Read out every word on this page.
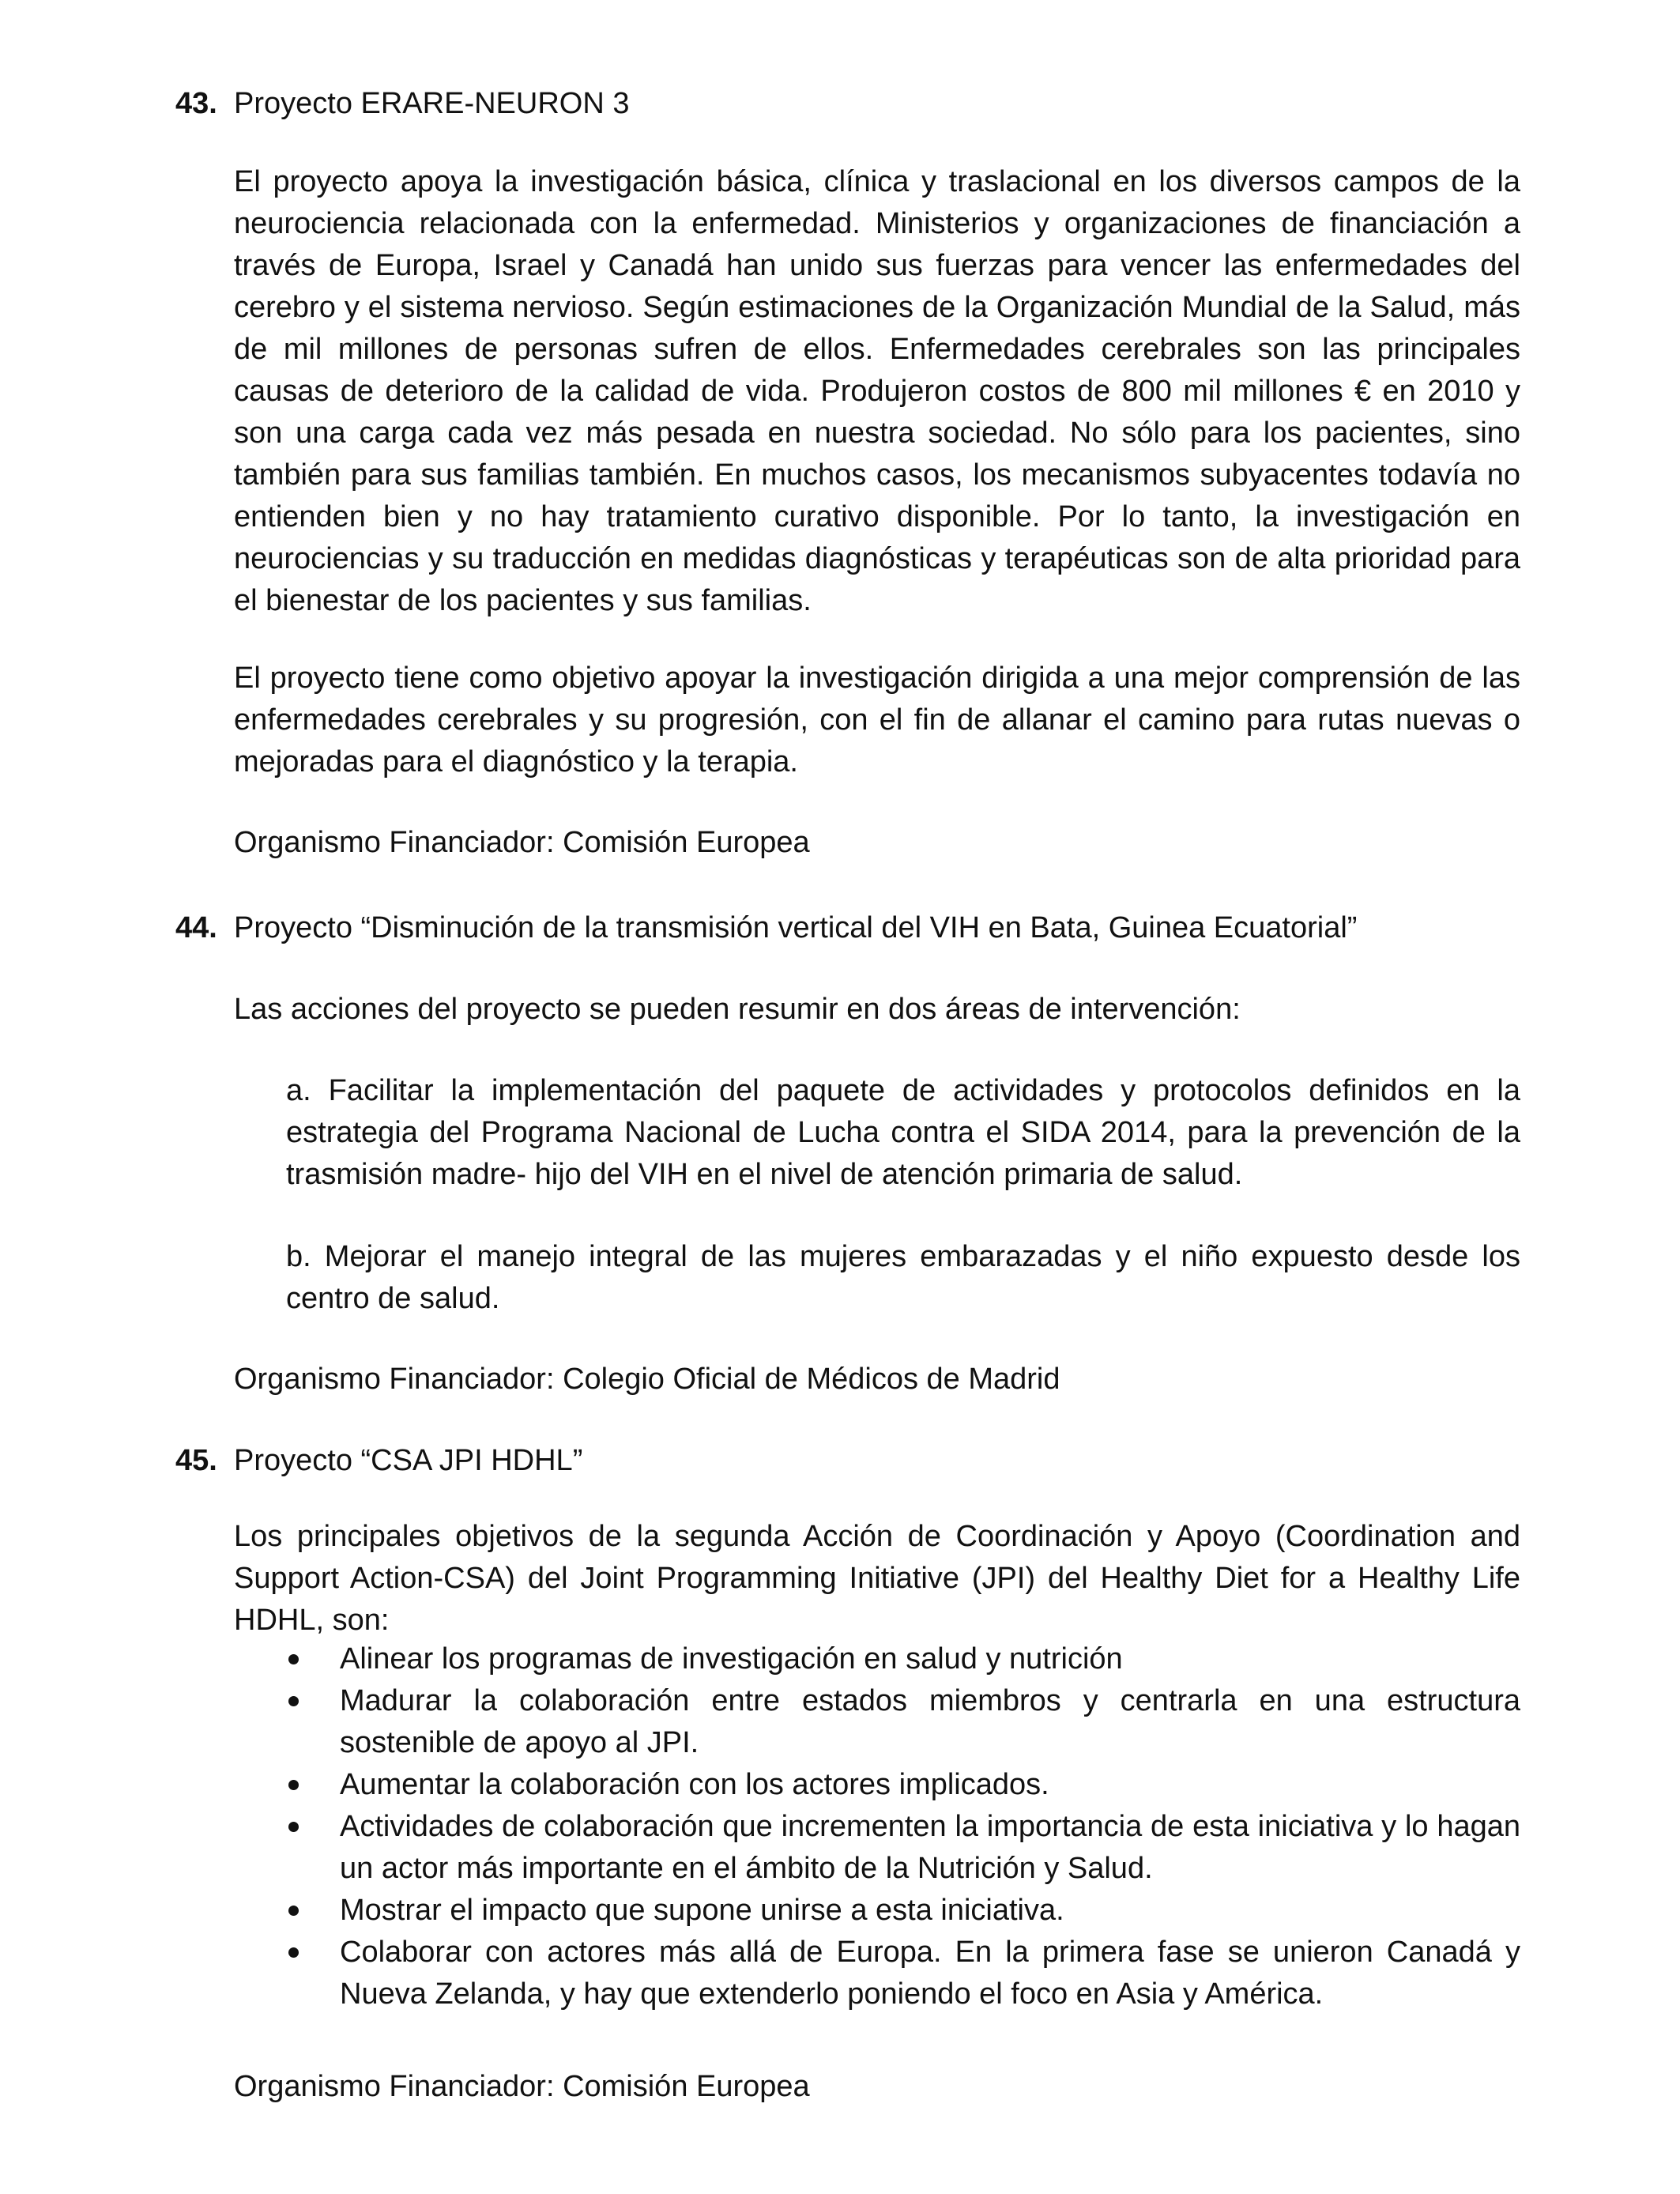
43. Proyecto ERARE-NEURON 3

El proyecto apoya la investigación básica, clínica y traslacional en los diversos campos de la neurociencia relacionada con la enfermedad. Ministerios y organizaciones de financiación a través de Europa, Israel y Canadá han unido sus fuerzas para vencer las enfermedades del cerebro y el sistema nervioso. Según estimaciones de la Organización Mundial de la Salud, más de mil millones de personas sufren de ellos. Enfermedades cerebrales son las principales causas de deterioro de la calidad de vida. Produjeron costos de 800 mil millones € en 2010 y son una carga cada vez más pesada en nuestra sociedad. No sólo para los pacientes, sino también para sus familias también. En muchos casos, los mecanismos subyacentes todavía no entienden bien y no hay tratamiento curativo disponible. Por lo tanto, la investigación en neurociencias y su traducción en medidas diagnósticas y terapéuticas son de alta prioridad para el bienestar de los pacientes y sus familias.

El proyecto tiene como objetivo apoyar la investigación dirigida a una mejor comprensión de las enfermedades cerebrales y su progresión, con el fin de allanar el camino para rutas nuevas o mejoradas para el diagnóstico y la terapia.

Organismo Financiador: Comisión Europea
44. Proyecto “Disminución de la transmisión vertical del VIH en Bata, Guinea Ecuatorial”
Las acciones del proyecto se pueden resumir en dos áreas de intervención:

a. Facilitar la implementación del paquete de actividades y protocolos definidos en la estrategia del Programa Nacional de Lucha contra el SIDA 2014, para la prevención de la trasmisión madre- hijo del VIH en el nivel de atención primaria de salud.

b. Mejorar el manejo integral de las mujeres embarazadas y el niño expuesto desde los centro de salud.

Organismo Financiador: Colegio Oficial de Médicos de Madrid
45. Proyecto “CSA JPI HDHL”

Los principales objetivos de la segunda Acción de Coordinación y Apoyo (Coordination and Support Action-CSA) del Joint Programming Initiative (JPI) del Healthy Diet for a Healthy Life HDHL, son:

Alinear los programas de investigación en salud y nutrición
Madurar la colaboración entre estados miembros y centrarla en una estructura sostenible de apoyo al JPI.
Aumentar la colaboración con los actores implicados.
Actividades de colaboración que incrementen la importancia de esta iniciativa y lo hagan un actor más importante en el ámbito de la Nutrición y Salud.
Mostrar el impacto que supone unirse a esta iniciativa.
Colaborar con actores más allá de Europa. En la primera fase se unieron Canadá y Nueva Zelanda, y hay que extenderlo poniendo el foco en Asia y América.
Organismo Financiador: Comisión Europea
